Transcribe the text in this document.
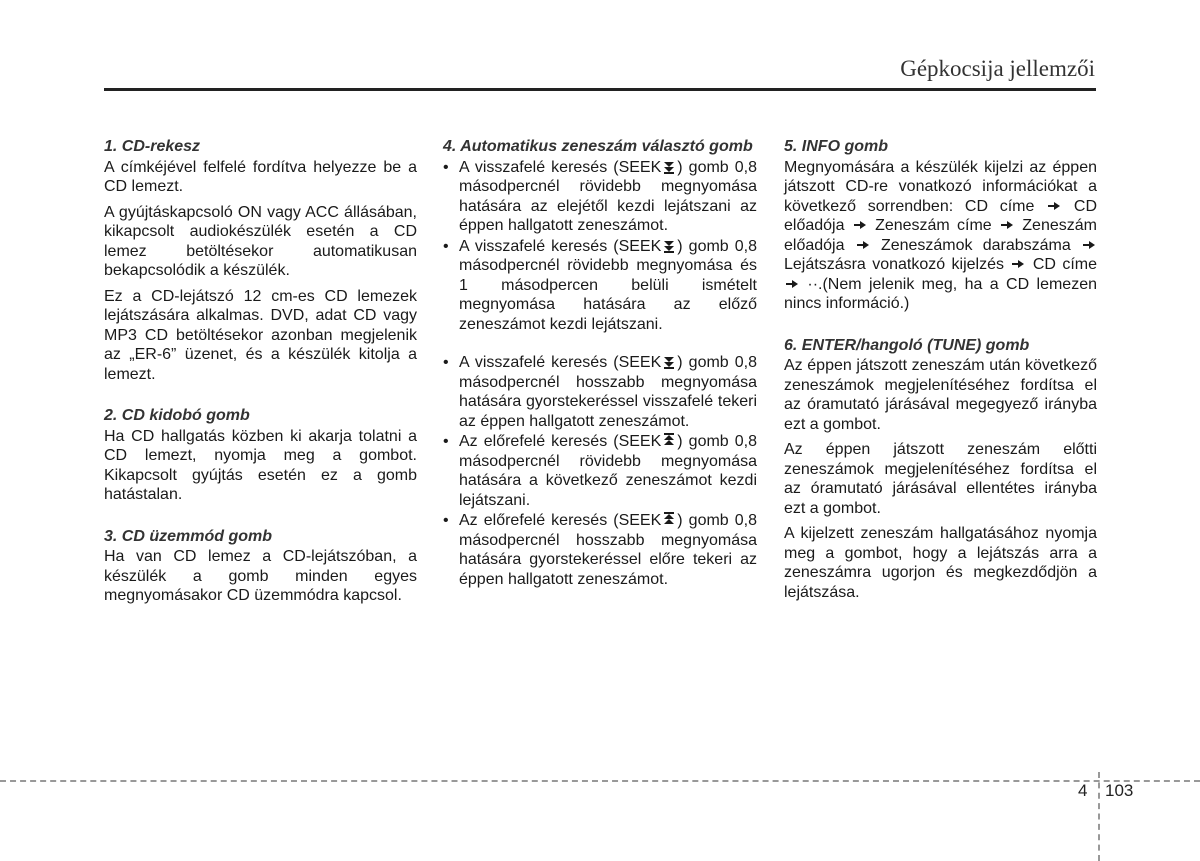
Gépkocsija jellemzői
1. CD-rekesz

A címkéjével felfelé fordítva helyezze be a CD lemezt.

A gyújtáskapcsoló ON vagy ACC állásában, kikapcsolt audiokészülék esetén a CD lemez betöltésekor automatikusan bekapcsolódik a készülék.

Ez a CD-lejátszó 12 cm-es CD lemezek lejátszására alkalmas. DVD, adat CD vagy MP3 CD betöltésekor azonban megjelenik az „ER-6” üzenet, és a készülék kitolja a lemezt.

2. CD kidobó gomb

Ha CD hallgatás közben ki akarja tolatni a CD lemezt, nyomja meg a gombot. Kikapcsolt gyújtás esetén ez a gomb hatástalan.

3. CD üzemmód gomb

Ha van CD lemez a CD-lejátszóban, a készülék a gomb minden egyes megnyomásakor CD üzemmódra kapcsol.

4. Automatikus zeneszám választó gomb
• A visszafelé keresés (SEEK ) gomb 0,8 másodpercnél rövidebb megnyomása hatására az elejétől kezdi lejátszani az éppen hallgatott zeneszámot.
• A visszafelé keresés (SEEK ) gomb 0,8 másodpercnél rövidebb megnyomása és 1 másodpercen belüli ismételt megnyomása hatására az előző zeneszámot kezdi lejátszani.
• A visszafelé keresés (SEEK ) gomb 0,8 másodpercnél hosszabb megnyomása hatására gyorstekeréssel visszafelé tekeri az éppen hallgatott zeneszámot.
• Az előrefelé keresés (SEEK ) gomb 0,8 másodpercnél rövidebb megnyomása hatására a következő zeneszámot kezdi lejátszani.
• Az előrefelé keresés (SEEK ) gomb 0,8 másodpercnél hosszabb megnyomása hatására gyorstekeréssel előre tekeri az éppen hallgatott zeneszámot.
5. INFO gomb

Megnyomására a készülék kijelzi az éppen játszott CD-re vonatkozó információkat a következő sorrendben: CD címe CD előadója Zeneszám címe Zeneszám előadója Zeneszámok darabszáma  Lejátszásra vonatkozó kijelzés CD címe  ··.(Nem jelenik meg, ha a CD lemezen nincs információ.)

6. ENTER/hangoló (TUNE) gomb

Az éppen játszott zeneszám után következő zeneszámok megjelenítéséhez fordítsa el az óramutató járásával megegyező irányba ezt a gombot.

Az éppen játszott zeneszám előtti zeneszámok megjelenítéséhez fordítsa el az óramutató járásával ellentétes irányba ezt a gombot.

A kijelzett zeneszám hallgatásához nyomja meg a gombot, hogy a lejátszás arra a zeneszámra ugorjon és megkezdődjön a lejátszása.

4 103
